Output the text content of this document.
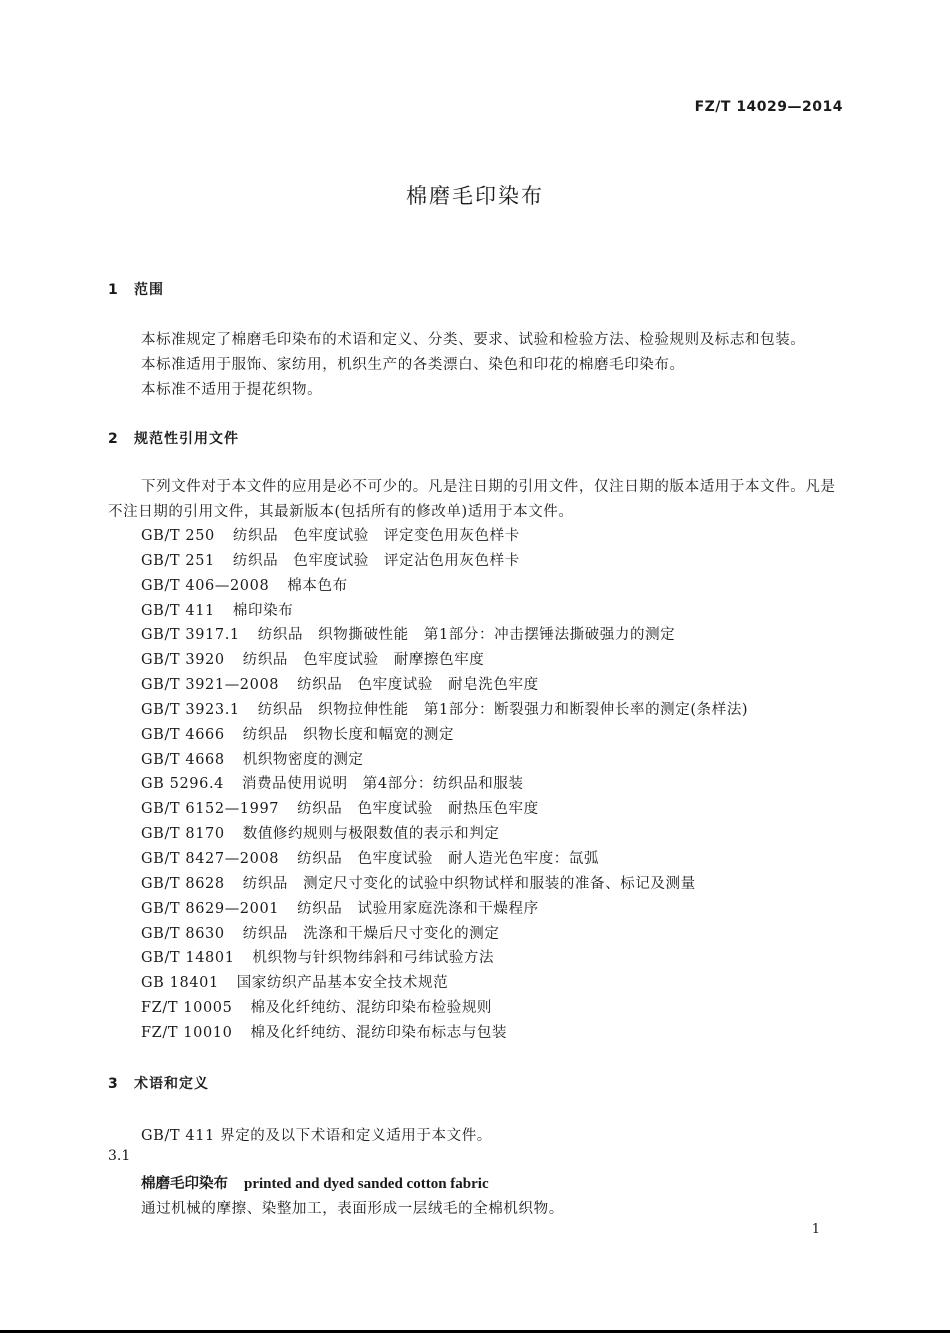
FZ/T 14029—2014
棉磨毛印染布
1 范围
本标准规定了棉磨毛印染布的术语和定义、分类、要求、试验和检验方法、检验规则及标志和包装。
本标准适用于服饰、家纺用，机织生产的各类漂白、染色和印花的棉磨毛印染布。
本标准不适用于提花织物。
2 规范性引用文件
下列文件对于本文件的应用是必不可少的。凡是注日期的引用文件，仅注日期的版本适用于本文件。凡是不注日期的引用文件，其最新版本(包括所有的修改单)适用于本文件。
GB/T 250 纺织品　色牢度试验　评定变色用灰色样卡
GB/T 251 纺织品　色牢度试验　评定沾色用灰色样卡
GB/T 406—2008 棉本色布
GB/T 411 棉印染布
GB/T 3917.1 纺织品　织物撕破性能　第1部分：冲击摆锤法撕破强力的测定
GB/T 3920 纺织品　色牢度试验　耐摩擦色牢度
GB/T 3921—2008 纺织品　色牢度试验　耐皂洗色牢度
GB/T 3923.1 纺织品　织物拉伸性能　第1部分：断裂强力和断裂伸长率的测定(条样法)
GB/T 4666 纺织品　织物长度和幅宽的测定
GB/T 4668 机织物密度的测定
GB 5296.4 消费品使用说明　第4部分：纺织品和服装
GB/T 6152—1997 纺织品　色牢度试验　耐热压色牢度
GB/T 8170 数值修约规则与极限数值的表示和判定
GB/T 8427—2008 纺织品　色牢度试验　耐人造光色牢度：氙弧
GB/T 8628 纺织品　测定尺寸变化的试验中织物试样和服装的准备、标记及测量
GB/T 8629—2001 纺织品　试验用家庭洗涤和干燥程序
GB/T 8630 纺织品　洗涤和干燥后尺寸变化的测定
GB/T 14801 机织物与针织物纬斜和弓纬试验方法
GB 18401 国家纺织产品基本安全技术规范
FZ/T 10005 棉及化纤纯纺、混纺印染布检验规则
FZ/T 10010 棉及化纤纯纺、混纺印染布标志与包装
3 术语和定义
GB/T 411 界定的及以下术语和定义适用于本文件。
3.1
棉磨毛印染布 printed and dyed sanded cotton fabric
通过机械的摩擦、染整加工，表面形成一层绒毛的全棉机织物。
1
